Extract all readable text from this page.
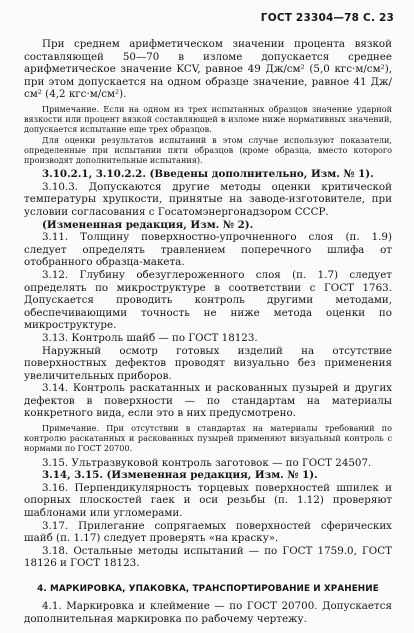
ГОСТ 23304—78 С. 23

При среднем арифметическом значении процента вязкой составляющей 50—70 в изломе допускается среднее арифметическое значение KCV, равное 49 Дж/см² (5,0 кгс·м/см²), при этом допускается на одном образце значение, равное 41 Дж/см² (4,2 кгс·м/см²).

Примечание. Если на одном из трех испытанных образцов значение ударной вязкости или процент вязкой составляющей в изломе ниже нормативных значений, допускается испытание еще трех образцов.

Для оценки результатов испытаний в этом случае используют показатели, определенные при испытании пяти образцов (кроме образца, вместо которого производят дополнительные испытания).

3.10.2.1, 3.10.2.2. (Введены дополнительно, Изм. № 1).

3.10.3. Допускаются другие методы оценки критической температуры хрупкости, принятые на заводе-изготовителе, при условии согласования с Госатомэнергонадзором СССР.

(Измененная редакция, Изм. № 2).

3.11. Толщину поверхностно-упрочненного слоя (п. 1.9) следует определять травлением поперечного шлифа от отобранного образца-макета.

3.12. Глубину обезуглероженного слоя (п. 1.7) следует определять по микроструктуре в соответствии с ГОСТ 1763. Допускается проводить контроль другими методами, обеспечивающими точность не ниже метода оценки по микроструктуре.

3.13. Контроль шайб — по ГОСТ 18123.

Наружный осмотр готовых изделий на отсутствие поверхностных дефектов проводят визуально без применения увеличительных приборов.

3.14. Контроль раскатанных и раскованных пузырей и других дефектов в поверхности — по стандартам на материалы конкретного вида, если это в них предусмотрено.

Примечание. При отсутствии в стандартах на материалы требований по контролю раскатанных и раскованных пузырей применяют визуальный контроль с нормами по ГОСТ 20700.

3.15. Ультразвуковой контроль заготовок — по ГОСТ 24507.

3.14, 3.15. (Измененная редакция, Изм. № 1).

3.16. Перпендикулярность торцевых поверхностей шпилек и опорных плоскостей гаек и оси резьбы (п. 1.12) проверяют шаблонами или угломерами.

3.17. Прилегание сопрягаемых поверхностей сферических шайб (п. 1.17) следует проверять «на краску».

3.18. Остальные методы испытаний — по ГОСТ 1759.0, ГОСТ 18126 и ГОСТ 18123.

4. МАРКИРОВКА, УПАКОВКА, ТРАНСПОРТИРОВАНИЕ И ХРАНЕНИЕ

4.1. Маркировка и клеймение — по ГОСТ 20700. Допускается дополнительная маркировка по рабочему чертежу.
